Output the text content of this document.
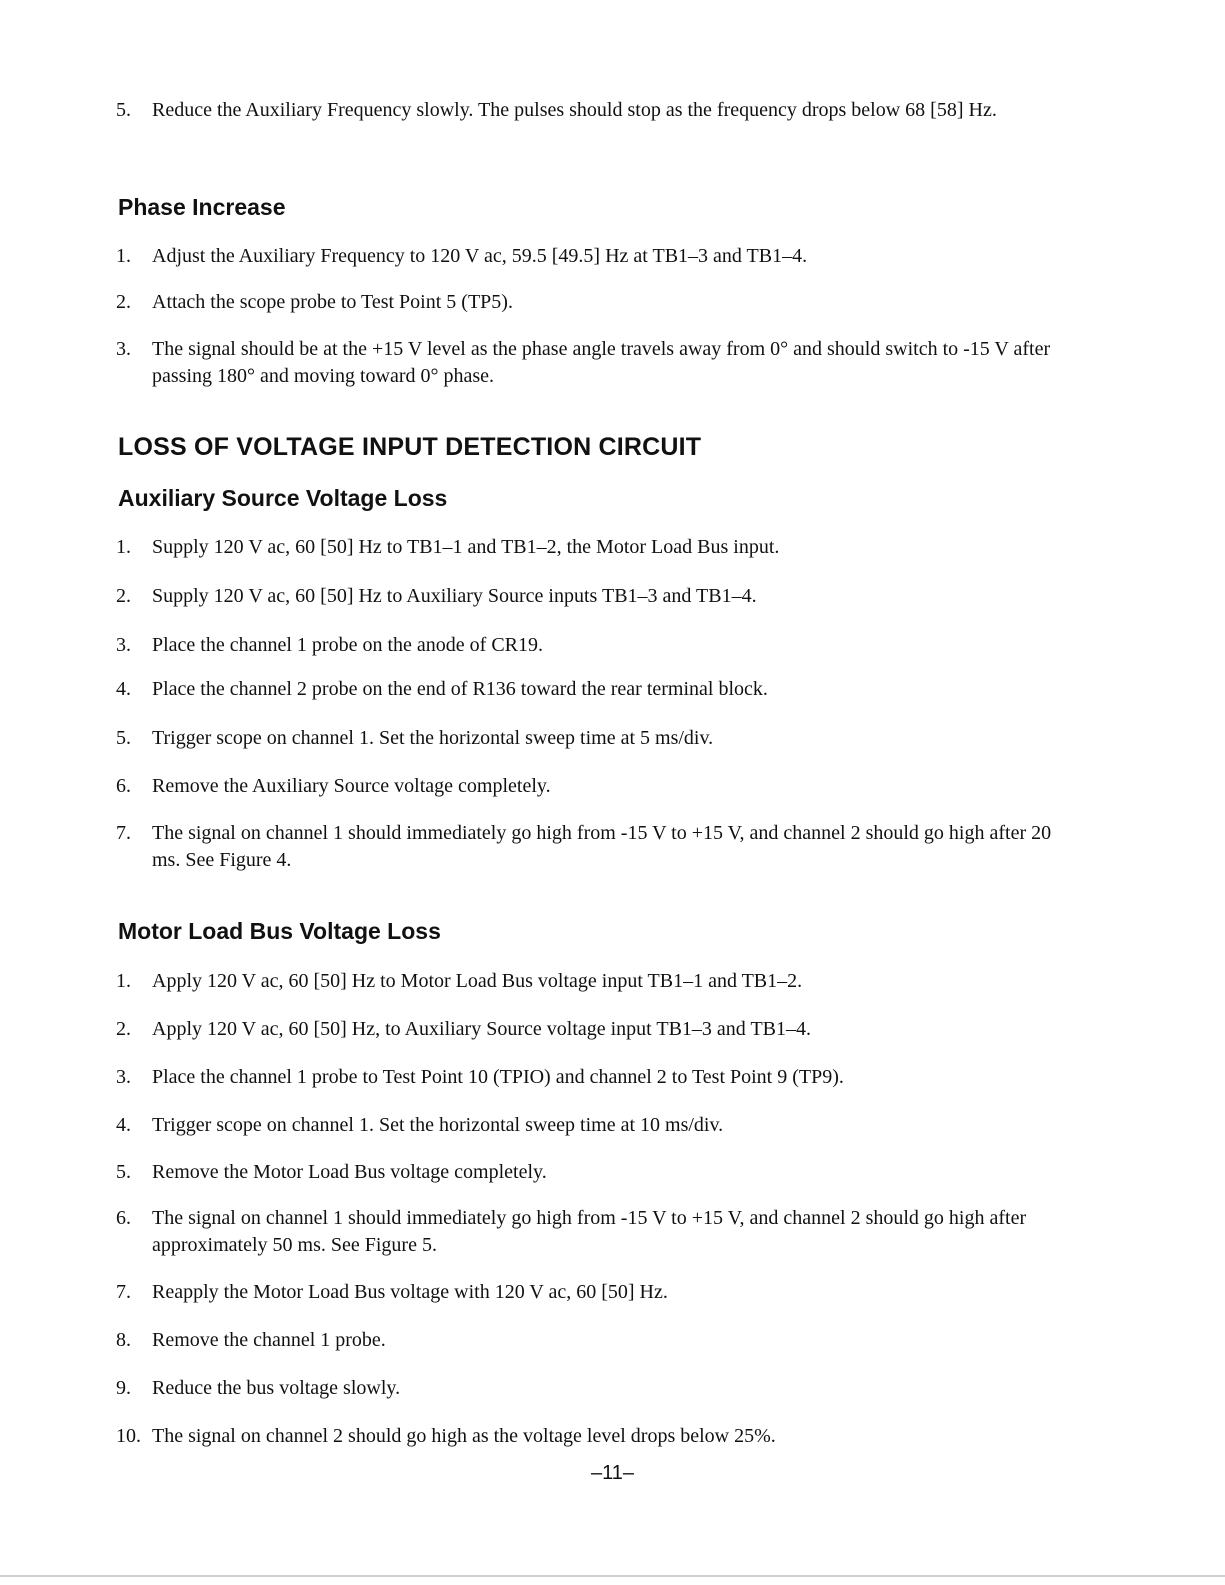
5.	Reduce the Auxiliary Frequency slowly. The pulses should stop as the frequency drops below 68 [58] Hz.
Phase Increase
1.	Adjust the Auxiliary Frequency to 120 V ac, 59.5 [49.5] Hz at TB1–3 and TB1–4.
2.	Attach the scope probe to Test Point 5 (TP5).
3.	The signal should be at the +15 V level as the phase angle travels away from 0° and should switch to -15 V after passing 180° and moving toward 0° phase.
LOSS OF VOLTAGE INPUT DETECTION CIRCUIT
Auxiliary Source Voltage Loss
1.	Supply 120 V ac, 60 [50] Hz to TB1–1 and TB1–2, the Motor Load Bus input.
2.	Supply 120 V ac, 60 [50] Hz to Auxiliary Source inputs TB1–3 and TB1–4.
3.	Place the channel 1 probe on the anode of CR19.
4.	Place the channel 2 probe on the end of R136 toward the rear terminal block.
5.	Trigger scope on channel 1. Set the horizontal sweep time at 5 ms/div.
6.	Remove the Auxiliary Source voltage completely.
7.	The signal on channel 1 should immediately go high from -15 V to +15 V, and channel 2 should go high after 20 ms. See Figure 4.
Motor Load Bus Voltage Loss
1.	Apply 120 V ac, 60 [50] Hz to Motor Load Bus voltage input TB1–1 and TB1–2.
2.	Apply 120 V ac, 60 [50] Hz, to Auxiliary Source voltage input TB1–3 and TB1–4.
3.	Place the channel 1 probe to Test Point 10 (TPIO) and channel 2 to Test Point 9 (TP9).
4.	Trigger scope on channel 1. Set the horizontal sweep time at 10 ms/div.
5.	Remove the Motor Load Bus voltage completely.
6.	The signal on channel 1 should immediately go high from -15 V to +15 V, and channel 2 should go high after approximately 50 ms. See Figure 5.
7.	Reapply the Motor Load Bus voltage with 120 V ac, 60 [50] Hz.
8.	Remove the channel 1 probe.
9.	Reduce the bus voltage slowly.
10. The signal on channel 2 should go high as the voltage level drops below 25%.
–11–
